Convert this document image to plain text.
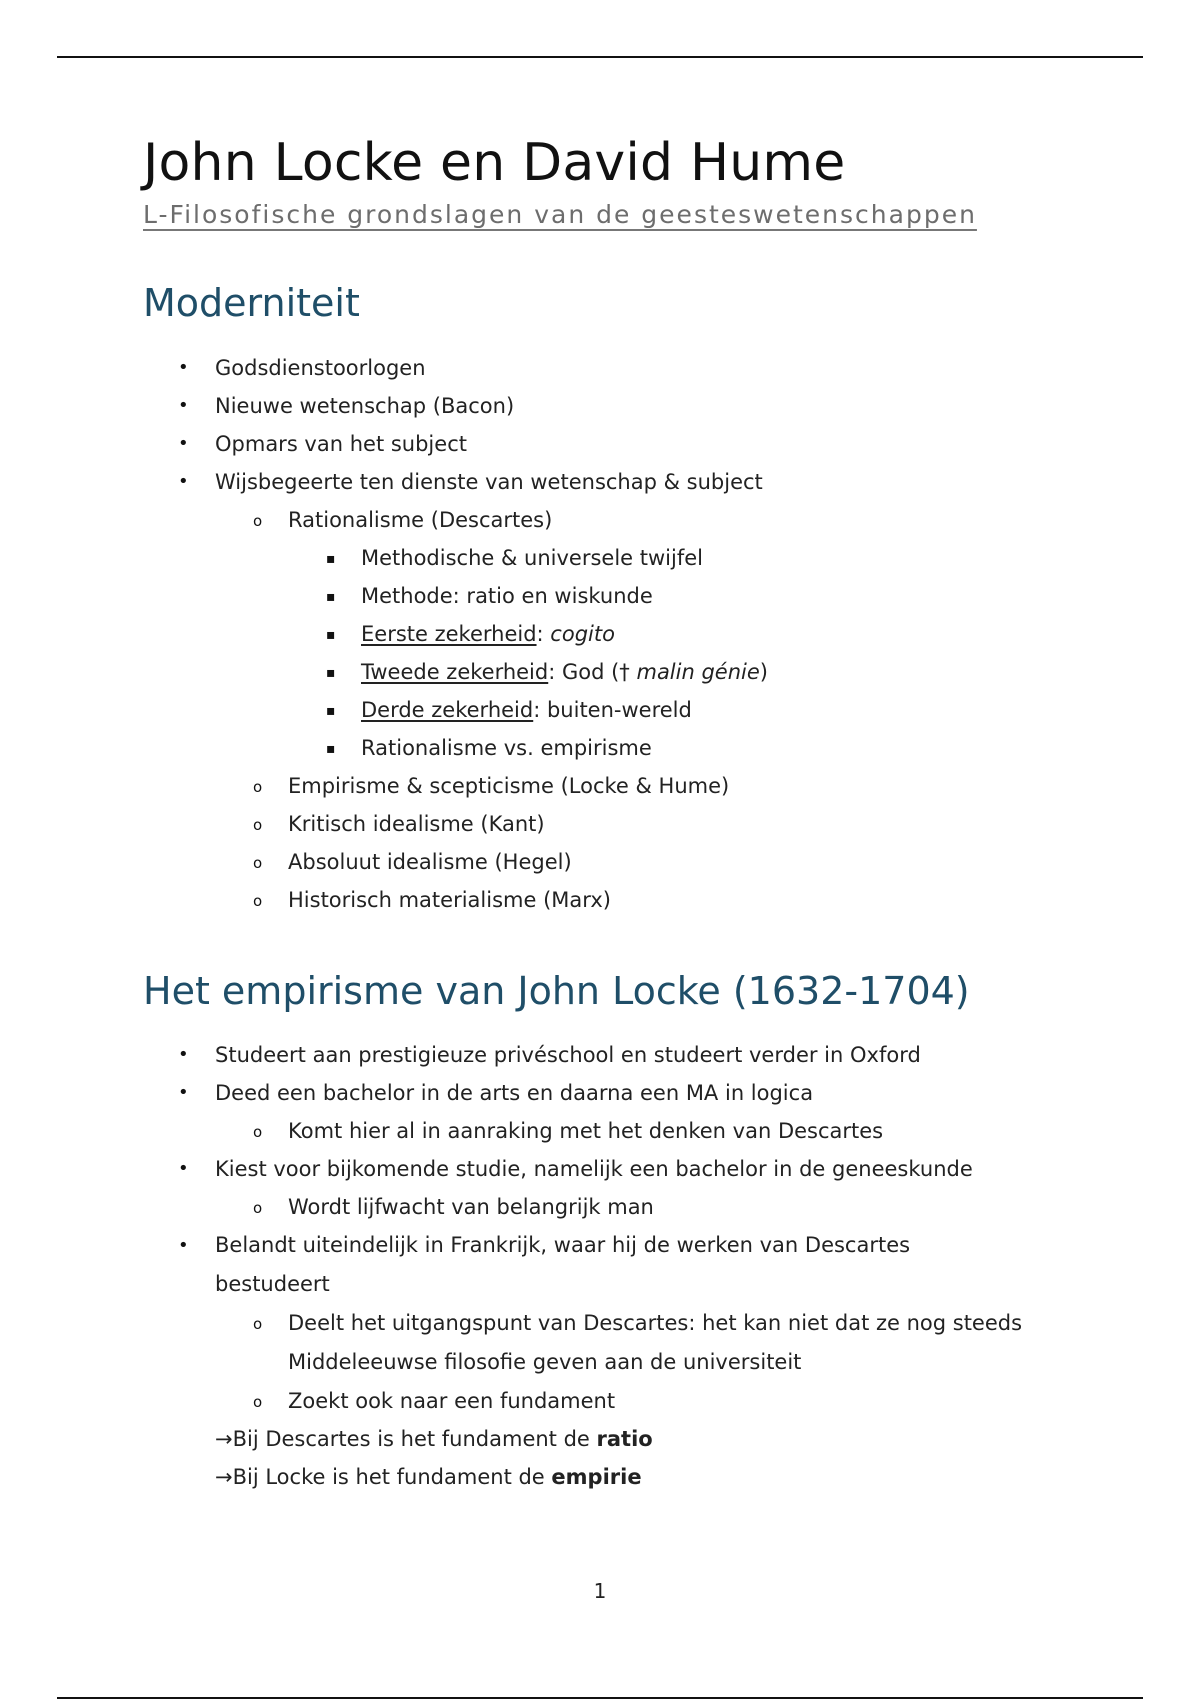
John Locke en David Hume
L-Filosofische grondslagen van de geesteswetenschappen
Moderniteit
• Godsdienstoorlogen
• Nieuwe wetenschap (Bacon)
• Opmars van het subject
• Wijsbegeerte ten dienste van wetenschap & subject
o Rationalisme (Descartes)
▪ Methodische & universele twijfel
▪ Methode: ratio en wiskunde
▪ Eerste zekerheid: cogito
▪ Tweede zekerheid: God († malin génie)
▪ Derde zekerheid: buiten-wereld
▪ Rationalisme vs. empirisme
o Empirisme & scepticisme (Locke & Hume)
o Kritisch idealisme (Kant)
o Absoluut idealisme (Hegel)
o Historisch materialisme (Marx)
Het empirisme van John Locke (1632-1704)
• Studeert aan prestigieuze privéschool en studeert verder in Oxford
• Deed een bachelor in de arts en daarna een MA in logica
o Komt hier al in aanraking met het denken van Descartes
• Kiest voor bijkomende studie, namelijk een bachelor in de geneeskunde
o Wordt lijfwacht van belangrijk man
• Belandt uiteindelijk in Frankrijk, waar hij de werken van Descartes bestudeert
o Deelt het uitgangspunt van Descartes: het kan niet dat ze nog steeds Middeleeuwse filosofie geven aan de universiteit
o Zoekt ook naar een fundament
→Bij Descartes is het fundament de ratio
→Bij Locke is het fundament de empirie
1
